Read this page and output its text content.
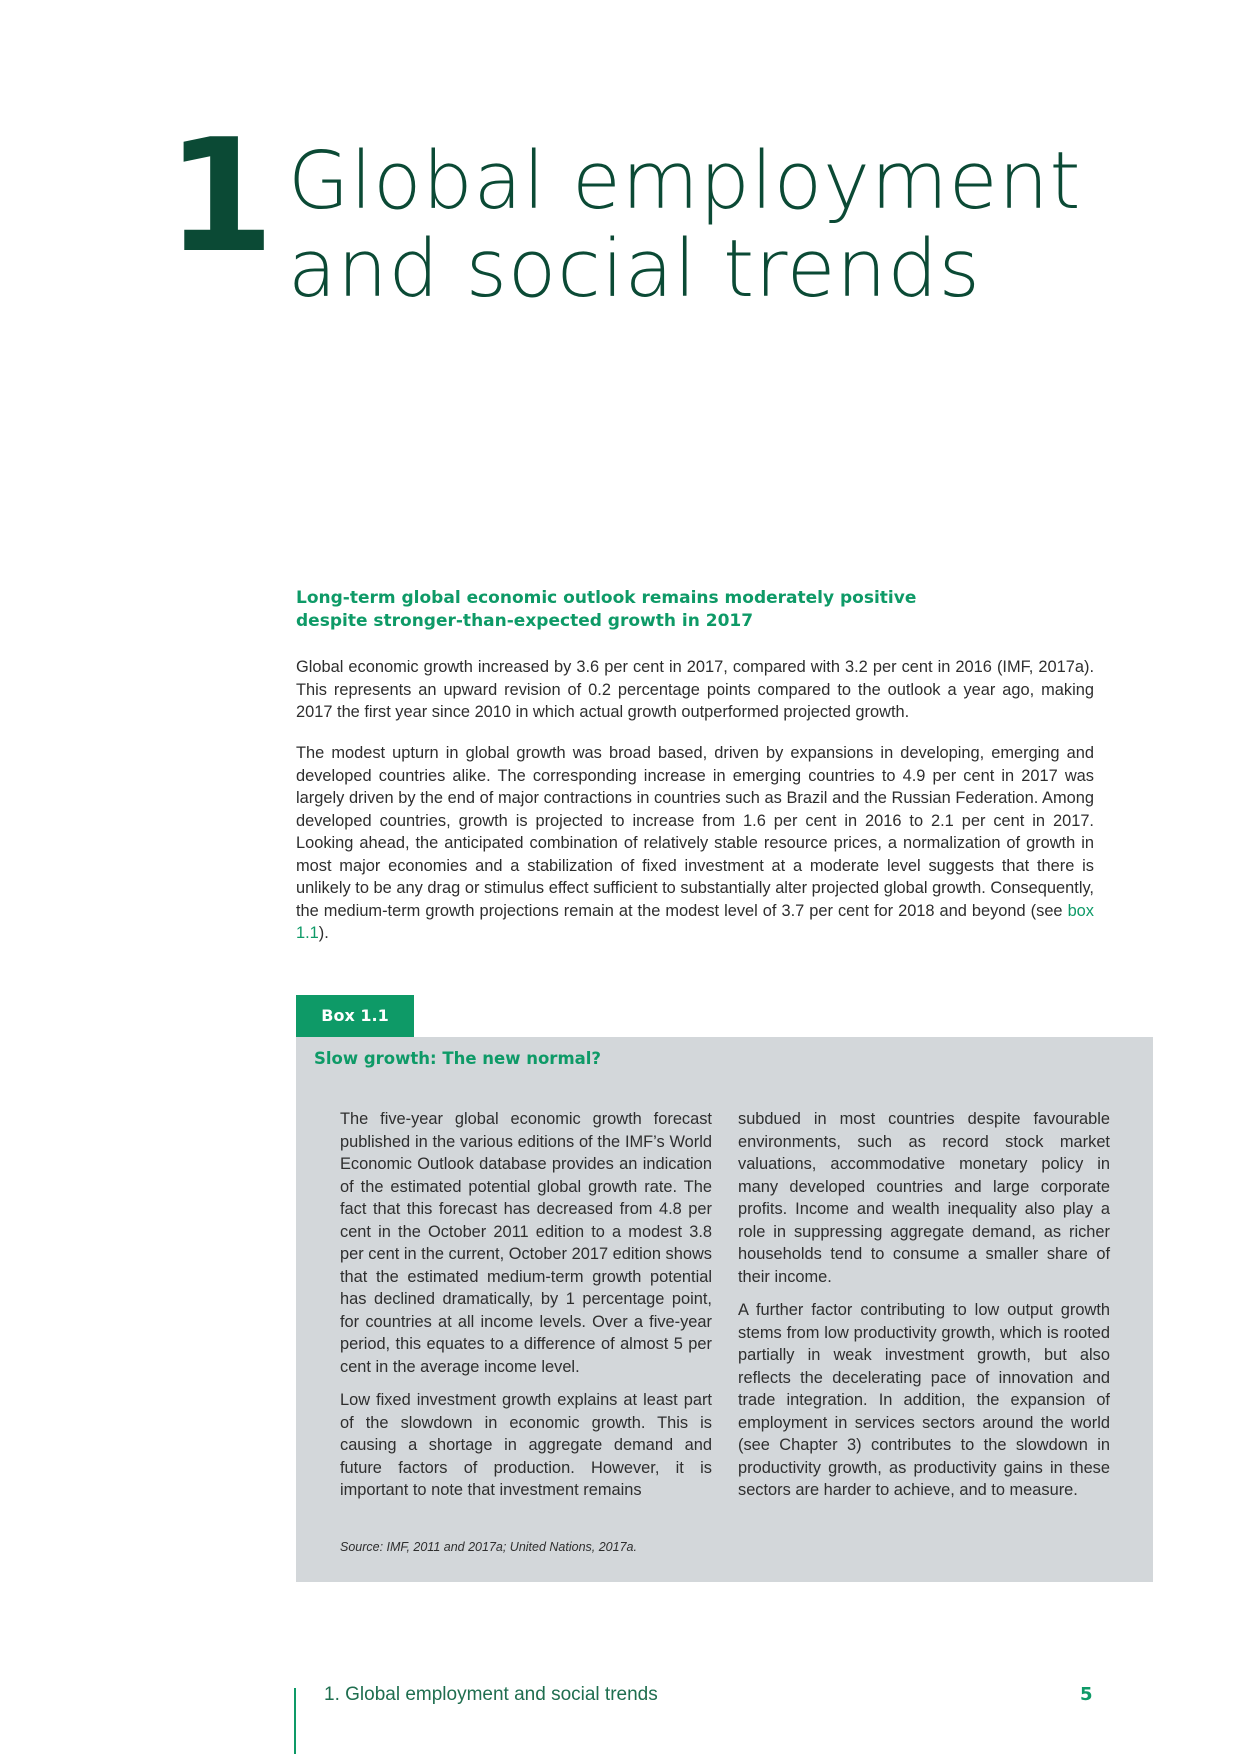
1 Global employment
and social trends
Long-term global economic outlook remains moderately positive
despite stronger-than-expected growth in 2017

Global economic growth increased by 3.6 per cent in 2017, compared with 3.2 per cent in 2016 (IMF, 2017a). This represents an upward revision of 0.2 percentage points compared to the outlook a year ago, making 2017 the first year since 2010 in which actual growth outperformed projected growth.

The modest upturn in global growth was broad based, driven by expansions in developing, emerging and developed countries alike. The corresponding increase in emerging countries to 4.9 per cent in 2017 was largely driven by the end of major contractions in countries such as Brazil and the Russian Federation. Among developed countries, growth is projected to increase from 1.6 per cent in 2016 to 2.1 per cent in 2017. Looking ahead, the anticipated combination of relatively stable resource prices, a normalization of growth in most major economies and a stabilization of fixed investment at a moderate level suggests that there is unlikely to be any drag or stimulus effect sufficient to substantially alter projected global growth. Consequently, the medium-term growth projections remain at the modest level of 3.7 per cent for 2018 and beyond (see box 1.1).

Box 1.1
Slow growth: The new normal?

The five-year global economic growth forecast published in the various editions of the IMF’s World Economic Outlook database provides an indication of the estimated potential global growth rate. The fact that this forecast has decreased from 4.8 per cent in the October 2011 edition to a modest 3.8 per cent in the current, October 2017 edition shows that the estimated medium-term growth potential has declined dramatically, by 1 percentage point, for countries at all income levels. Over a five-year period, this equates to a difference of almost 5 per cent in the average income level.

Low fixed investment growth explains at least part of the slowdown in economic growth. This is causing a shortage in aggregate demand and future factors of production. However, it is important to note that investment remains

subdued in most countries despite favourable environments, such as record stock market valuations, accommodative monetary policy in many developed countries and large corporate profits. Income and wealth inequality also play a role in suppressing aggregate demand, as richer households tend to consume a smaller share of their income.

A further factor contributing to low output growth stems from low productivity growth, which is rooted partially in weak investment growth, but also reflects the decelerating pace of innovation and trade integration. In addition, the expansion of employment in services sectors around the world (see Chapter 3) contributes to the slowdown in productivity growth, as productivity gains in these sectors are harder to achieve, and to measure.

Source: IMF, 2011 and 2017a; United Nations, 2017a.
1. Global employment and social trends	5
